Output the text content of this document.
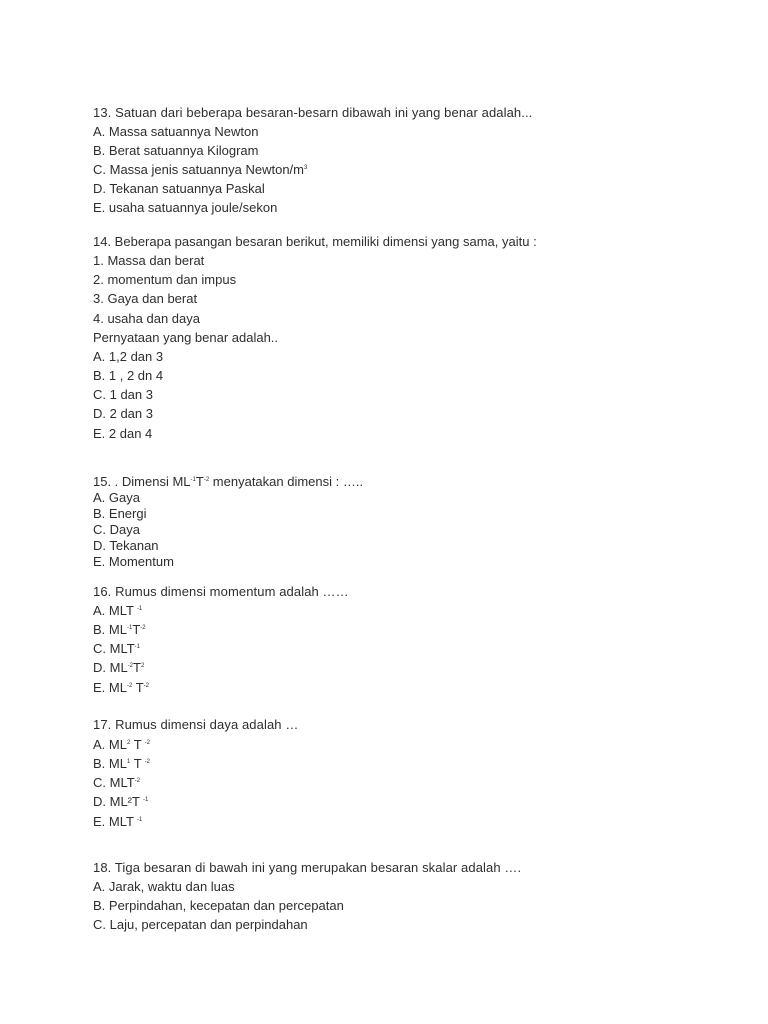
13. Satuan dari beberapa besaran-besarn dibawah ini yang benar adalah...
A. Massa satuannya Newton
B. Berat satuannya Kilogram
C. Massa jenis satuannya Newton/$m^3$
D. Tekanan satuannya Paskal
E. usaha satuannya joule/sekon
14. Beberapa pasangan besaran berikut, memiliki dimensi yang sama, yaitu :
1. Massa dan berat
2. momentum dan impus
3. Gaya dan berat
4. usaha dan daya
Pernyataan yang benar adalah..
A. 1,2 dan 3
B. 1 , 2 dn 4
C. 1 dan 3
D. 2 dan 3
E. 2 dan 4
15. . Dimensi $ML^{-1}T^{-2}$ menyatakan dimensi : …..
A. Gaya
B. Energi
C. Daya
D. Tekanan
E. Momentum
16. Rumus dimensi momentum adalah ……
A. MLT $^{-1}$
B. $ML^{-1}T^{-2}$
C. $MLT^{-1}$
D. $ML^{-2}T^2$
E. $ML^{-2}$ $T^{-2}$
17. Rumus dimensi daya adalah …
A. $ML^2$ T $^{-2}$
B. $ML^1$ T $^{-2}$
C. $MLT^{-2}$
D. ML²T $^{-1}$
E. MLT $^{-1}$
18. Tiga besaran di bawah ini yang merupakan besaran skalar adalah ….
A. Jarak, waktu dan luas
B. Perpindahan, kecepatan dan percepatan
C. Laju, percepatan dan perpindahan
